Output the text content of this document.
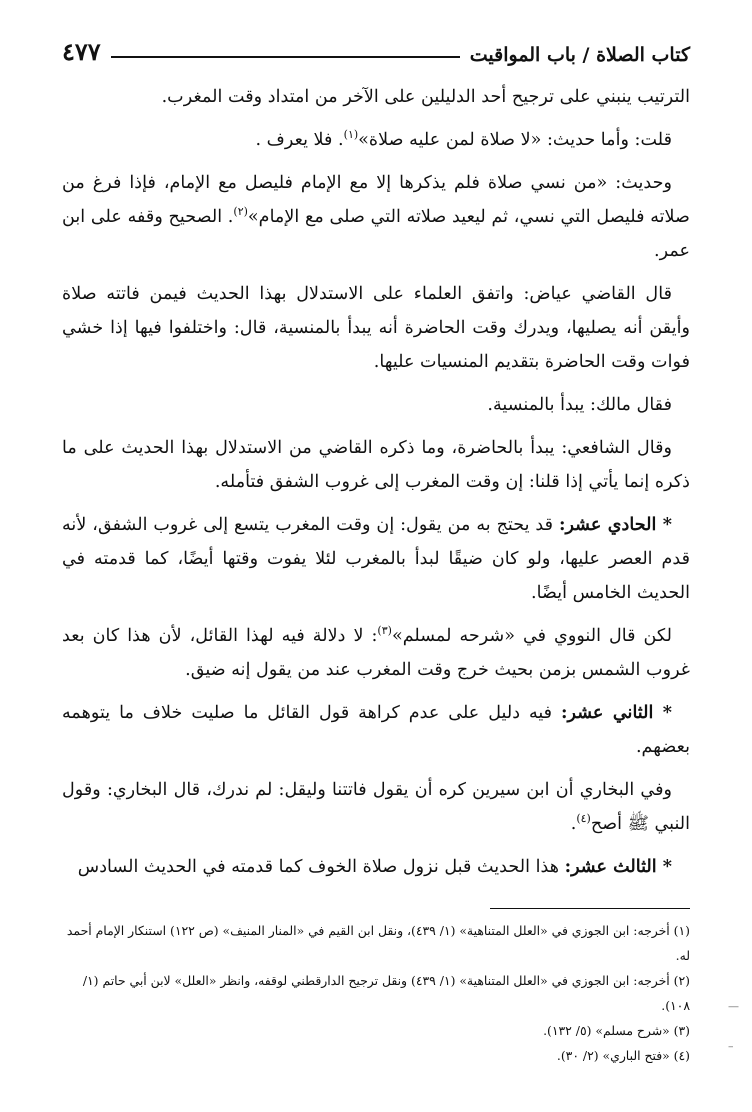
كتاب الصلاة / باب المواقيت
٤٧٧

الترتيب ينبني على ترجيح أحد الدليلين على الآخر من امتداد وقت المغرب.

قلت: وأما حديث: «لا صلاة لمن عليه صلاة»$^{(١)}$. فلا يعرف .

وحديث: «من نسي صلاة فلم يذكرها إلا مع الإمام فليصل مع الإمام، فإذا فرغ من صلاته فليصل التي نسي، ثم ليعيد صلاته التي صلى مع الإمام»$^{(٢)}$. الصحيح وقفه على ابن عمر.

قال القاضي عياض: واتفق العلماء على الاستدلال بهذا الحديث فيمن فاتته صلاة وأيقن أنه يصليها، ويدرك وقت الحاضرة أنه يبدأ بالمنسية، قال: واختلفوا فيها إذا خشي فوات وقت الحاضرة بتقديم المنسيات عليها.

فقال مالك: يبدأ بالمنسية.

وقال الشافعي: يبدأ بالحاضرة، وما ذكره القاضي من الاستدلال بهذا الحديث على ما ذكره إنما يأتي إذا قلنا: إن وقت المغرب إلى غروب الشفق فتأمله.

* الحادي عشر: قد يحتج به من يقول: إن وقت المغرب يتسع إلى غروب الشفق، لأنه قدم العصر عليها، ولو كان ضيقًا لبدأ بالمغرب لئلا يفوت وقتها أيضًا، كما قدمته في الحديث الخامس أيضًا.

لكن قال النووي في «شرحه لمسلم»$^{(٣)}$: لا دلالة فيه لهذا القائل، لأن هذا كان بعد غروب الشمس بزمن بحيث خرج وقت المغرب عند من يقول إنه ضيق.

* الثاني عشر: فيه دليل على عدم كراهة قول القائل ما صليت خلاف ما يتوهمه بعضهم.

وفي البخاري أن ابن سيرين كره أن يقول فاتتنا وليقل: لم ندرك، قال البخاري: وقول النبي ﷺ أصح$^{(٤)}$.

* الثالث عشر: هذا الحديث قبل نزول صلاة الخوف كما قدمته في الحديث السادس

(١) أخرجه: ابن الجوزي في «العلل المتناهية» (١/ ٤٣٩)، ونقل ابن القيم في «المنار المنيف» (ص ١٢٢) استنكار الإمام أحمد له.

(٢) أخرجه: ابن الجوزي في «العلل المتناهية» (١/ ٤٣٩) ونقل ترجيح الدارقطني لوقفه، وانظر «العلل» لابن أبي حاتم (١/ ١٠٨).

(٣) «شرح مسلم» (٥/ ١٣٢).

(٤) «فتح الباري» (٢/ ٣٠).

—
–
